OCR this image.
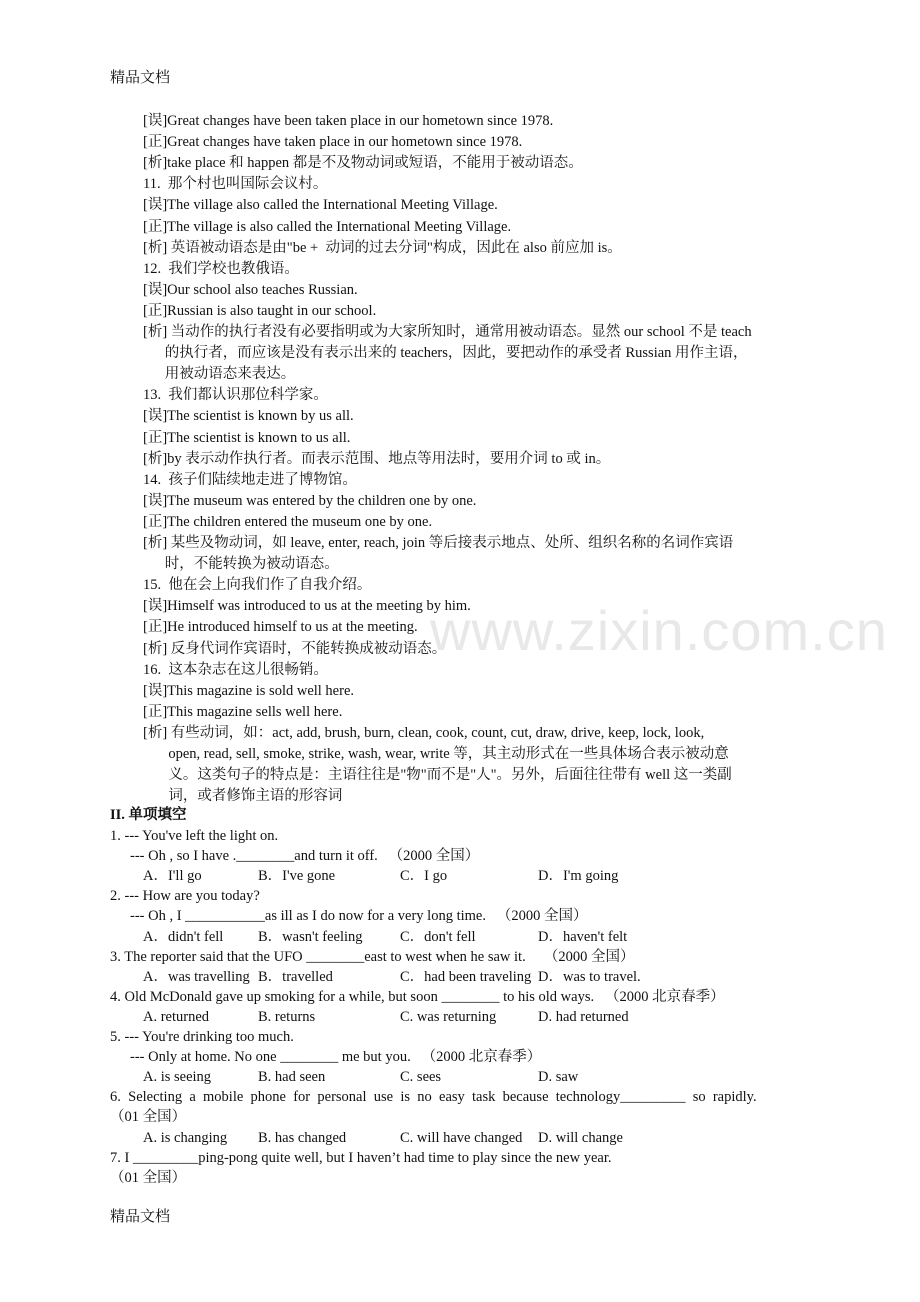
精品文档
www.zixin.com.cn
[误]Great changes have been taken place in our hometown since 1978.
[正]Great changes have taken place in our hometown since 1978.
[析]take place 和 happen 都是不及物动词或短语，不能用于被动语态。
11.  那个村也叫国际会议村。
[误]The village also called the International Meeting Village.
[正]The village is also called the International Meeting Village.
[析] 英语被动语态是由"be +  动词的过去分词"构成，因此在 also 前应加 is。
12.  我们学校也教俄语。
[误]Our school also teaches Russian.
[正]Russian is also taught in our school.
[析] 当动作的执行者没有必要指明或为大家所知时，通常用被动语态。显然 our school 不是 teach
的执行者，而应该是没有表示出来的 teachers，因此，要把动作的承受者 Russian 用作主语，
用被动语态来表达。
13.  我们都认识那位科学家。
[误]The scientist is known by us all.
[正]The scientist is known to us all.
[析]by 表示动作执行者。而表示范围、地点等用法时，要用介词 to 或 in。
14.  孩子们陆续地走进了博物馆。
[误]The museum was entered by the children one by one.
[正]The children entered the museum one by one.
[析] 某些及物动词，如 leave, enter, reach, join 等后接表示地点、处所、组织名称的名词作宾语
时，不能转换为被动语态。
15.  他在会上向我们作了自我介绍。
[误]Himself was introduced to us at the meeting by him.
[正]He introduced himself to us at the meeting.
[析] 反身代词作宾语时，不能转换成被动语态。
16.  这本杂志在这儿很畅销。
[误]This magazine is sold well here.
[正]This magazine sells well here.
[析] 有些动词，如：act, add, brush, burn, clean, cook, count, cut, draw, drive, keep, lock, look,
open, read, sell, smoke, strike, wash, wear, write 等，其主动形式在一些具体场合表示被动意
义。这类句子的特点是：主语往往是"物"而不是"人"。另外，后面往往带有 well 这一类副
词，或者修饰主语的形容词
II. 单项填空
1. --- You've left the light on.
--- Oh , so I have .________and turn it off.   （2000 全国）
A．I'll go	B．I've gone	C．I go	D．I'm going
2. --- How are you today?
--- Oh , I ___________as ill as I do now for a very long time.   （2000 全国）
A．didn't fell B．wasn't feeling	C．don't fell	D．haven't felt
3. The reporter said that the UFO ________east to west when he saw it.     （2000 全国）
A．was travelling B．travelled	C．had been traveling D．was to travel.
4. Old McDonald gave up smoking for a while, but soon ________ to his old ways.   （2000 北京春季）
A. returned	B. returns	C. was returning	D. had returned
5. --- You're drinking too much.
--- Only at home. No one ________ me but you.   （2000 北京春季）
A. is seeing	B. had seen	C. sees	D. saw
6.  Selecting  a  mobile  phone  for  personal  use  is  no  easy  task  because  technology_________  so  rapidly.
（01 全国）
A. is changing B. has changed	C. will have changed D. will change
7. I _________ping-pong quite well, but I haven’t had time to play since the new year.
（01 全国）
精品文档
